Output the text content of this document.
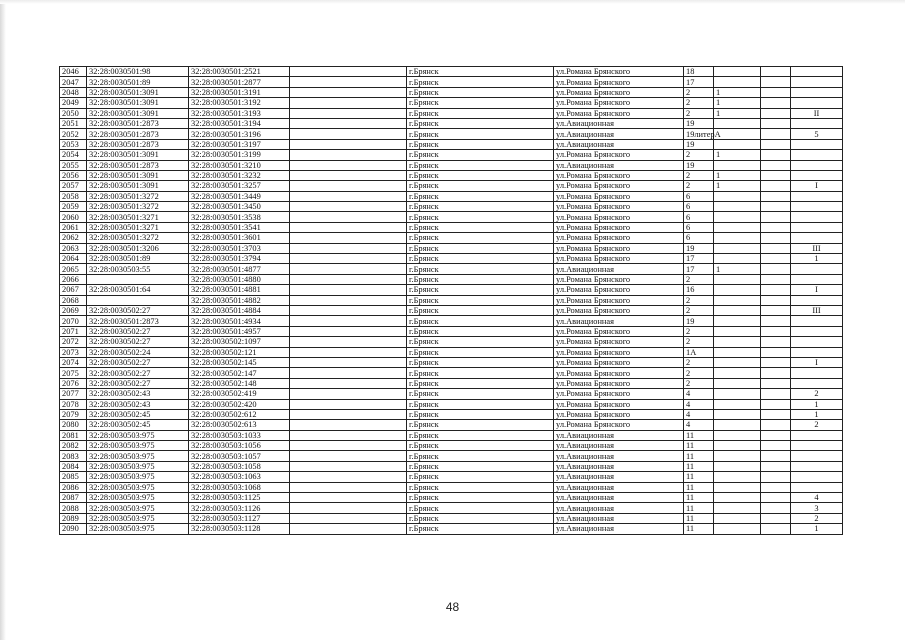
2046	32:28:0030501:98	32:28:0030501:2521		г.Брянск	ул.Романа Брянского	18			
2047	32:28:0030501:89	32:28:0030501:2877		г.Брянск	ул.Романа Брянского	17			
2048	32:28:0030501:3091	32:28:0030501:3191		г.Брянск	ул.Романа Брянского	2	1		
2049	32:28:0030501:3091	32:28:0030501:3192		г.Брянск	ул.Романа Брянского	2	1		
2050	32:28:0030501:3091	32:28:0030501:3193		г.Брянск	ул.Романа Брянского	2	1		II
2051	32:28:0030501:2873	32:28:0030501:3194		г.Брянск	ул.Авиационная	19			
2052	32:28:0030501:2873	32:28:0030501:3196		г.Брянск	ул.Авиационная	19литерA			5
2053	32:28:0030501:2873	32:28:0030501:3197		г.Брянск	ул.Авиационная	19			
2054	32:28:0030501:3091	32:28:0030501:3199		г.Брянск	ул.Романа Брянского	2	1		
2055	32:28:0030501:2873	32:28:0030501:3210		г.Брянск	ул.Авиационная	19			
2056	32:28:0030501:3091	32:28:0030501:3232		г.Брянск	ул.Романа Брянского	2	1		
2057	32:28:0030501:3091	32:28:0030501:3257		г.Брянск	ул.Романа Брянского	2	1		I
2058	32:28:0030501:3272	32:28:0030501:3449		г.Брянск	ул.Романа Брянского	6			
2059	32:28:0030501:3272	32:28:0030501:3450		г.Брянск	ул.Романа Брянского	6			
2060	32:28:0030501:3271	32:28:0030501:3538		г.Брянск	ул.Романа Брянского	6			
2061	32:28:0030501:3271	32:28:0030501:3541		г.Брянск	ул.Романа Брянского	6			
2062	32:28:0030501:3272	32:28:0030501:3601		г.Брянск	ул.Романа Брянского	6			
2063	32:28:0030501:3206	32:28:0030501:3703		г.Брянск	ул.Романа Брянского	19			III
2064	32:28:0030501:89	32:28:0030501:3794		г.Брянск	ул.Романа Брянского	17			1
2065	32:28:0030503:55	32:28:0030501:4877		г.Брянск	ул.Авиационная	17	1		
2066		32:28:0030501:4880		г.Брянск	ул.Романа Брянского	2			
2067	32:28:0030501:64	32:28:0030501:4881		г.Брянск	ул.Романа Брянского	16			I
2068		32:28:0030501:4882		г.Брянск	ул.Романа Брянского	2			
2069	32:28:0030502:27	32:28:0030501:4884		г.Брянск	ул.Романа Брянского	2			III
2070	32:28:0030501:2873	32:28:0030501:4934		г.Брянск	ул.Авиационная	19			
2071	32:28:0030502:27	32:28:0030501:4957		г.Брянск	ул.Романа Брянского	2			
2072	32:28:0030502:27	32:28:0030502:1097		г.Брянск	ул.Романа Брянского	2			
2073	32:28:0030502:24	32:28:0030502:121		г.Брянск	ул.Романа Брянского	1А			
2074	32:28:0030502:27	32:28:0030502:145		г.Брянск	ул.Романа Брянского	2			I
2075	32:28:0030502:27	32:28:0030502:147		г.Брянск	ул.Романа Брянского	2			
2076	32:28:0030502:27	32:28:0030502:148		г.Брянск	ул.Романа Брянского	2			
2077	32:28:0030502:43	32:28:0030502:419		г.Брянск	ул.Романа Брянского	4			2
2078	32:28:0030502:43	32:28:0030502:420		г.Брянск	ул.Романа Брянского	4			1
2079	32:28:0030502:45	32:28:0030502:612		г.Брянск	ул.Романа Брянского	4			1
2080	32:28:0030502:45	32:28:0030502:613		г.Брянск	ул.Романа Брянского	4			2
2081	32:28:0030503:975	32:28:0030503:1033		г.Брянск	ул.Авиационная	11			
2082	32:28:0030503:975	32:28:0030503:1056		г.Брянск	ул.Авиационная	11			
2083	32:28:0030503:975	32:28:0030503:1057		г.Брянск	ул.Авиационная	11			
2084	32:28:0030503:975	32:28:0030503:1058		г.Брянск	ул.Авиационная	11			
2085	32:28:0030503:975	32:28:0030503:1063		г.Брянск	ул.Авиационная	11			
2086	32:28:0030503:975	32:28:0030503:1068		г.Брянск	ул.Авиационная	11			
2087	32:28:0030503:975	32:28:0030503:1125		г.Брянск	ул.Авиационная	11			4
2088	32:28:0030503:975	32:28:0030503:1126		г.Брянск	ул.Авиационная	11			3
2089	32:28:0030503:975	32:28:0030503:1127		г.Брянск	ул.Авиационная	11			2
2090	32:28:0030503:975	32:28:0030503:1128		г.Брянск	ул.Авиационная	11			1
48
